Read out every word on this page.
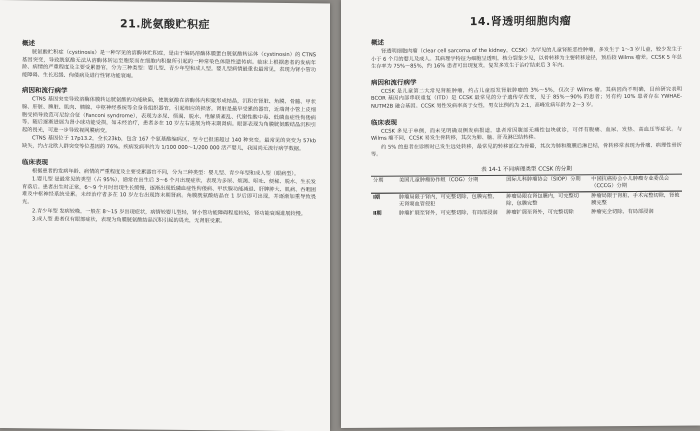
21.胱氨酸贮积症
概述

胱氨酸贮积症（cystinosis）是一种罕见的溶酶体贮积症，是由于编码溶酶体膜蛋白胱氨酸转运体（cystinosin）的 CTNS 基因突变，导致胱氨酸无法从溶酶体转运至胞浆而在细胞内积聚所引起的一种常染色体隐性遗传病。临床上根据患者的发病年龄、病情的严重程度及主要受累器官，分为三种类型：婴儿型、青少年型和成人型。婴儿型病情最重也最常见，表现为肾小管功能障碍、生长迟缓、佝偻病及进行性肾功能衰竭。

病因和流行病学

CTNS 基因突变导致溶酶体膜转运胱氨酸的功能缺陷，使胱氨酸在溶酶体内积聚形成结晶，沉积在肾脏、角膜、骨髓、甲状腺、肝脏、脾脏、肌肉、胰腺、中枢神经系统等全身各组织器官，引起相应的损害。肾脏是最早受累的器官，近端肾小管上皮细胞受损导致范可尼综合征（Fanconi syndrome），表现为多尿、烦渴、脱水、电解质紊乱、代谢性酸中毒、低磷血症性佝偻病等，随后逐渐进展为肾小球功能受损，如未经治疗，患者多在 10 岁左右进展为终末期肾病。眼部表现为角膜胱氨酸结晶沉积引起的畏光，可进一步导致视网膜病变。

CTNS 基因位于 17p13.2，全长23kb，包含 167 个氨基酸编码区，至今已报道超过 140 种突变。最常见的突变为 57kb 缺失，约占北欧人群突变等位基因的 76%。疾病发病率约为 1/100 000～1/200 000 活产婴儿，我国尚无流行病学数据。

临床表现

根据患者的发病年龄、病情的严重程度及主要受累器官不同，分为三种类型：婴儿型、青少年型和成人型（眼病型）。

1.婴儿型 是最常见的类型（占 95%），通常在出生后 3～6 个月出现症状，表现为多尿、烦渴、呕吐、便秘、脱水、生长发育落后。患者出生时正常，6～9 个月时出现生长缓慢，逐渐出现低磷血症性佝偻病、甲状腺功能减退、肝脾肿大、肌病、吞咽困难及中枢神经系统受累。未经治疗者多在 10 岁左右出现终末期肾病。角膜胱氨酸结晶在 1 岁后即可出现，并逐渐加重导致畏光。

2.青少年型 发病较晚，一般在 8～15 岁出现症状，病情较婴儿型轻，肾小管功能障碍程度较轻，肾功能衰竭进展较慢。

3.成人型 患者仅有眼部症状，表现为角膜胱氨酸结晶沉积引起的畏光，无肾脏受累。

14.肾透明细胞肉瘤
概述

肾透明细胞肉瘤（clear cell sarcoma of the kidney，CCSK）为罕见的儿童肾脏恶性肿瘤，多发生于 1～3 岁儿童，较少发生于小于 6 个月的婴儿及成人。其病理学特征为细胞呈透明，核分裂象少见，以骨转移为主要转移途径，预后较 Wilms 瘤差。CCSK 5 年总生存率为 75%～85%，约 16% 患者可出现复发，复发多发生于治疗结束后 3 年内。

病因和流行病学

CCSK 是儿童第二大常见肾脏肿瘤，约占儿童原发肾脏肿瘤的 3%～5%，仅次于 Wilms 瘤。其病因尚不明确，目前研究表明 BCOR 基因内部串联重复（ITD）是 CCSK 最常见的分子遗传学改变，见于 85%～90% 的患者；另有约 10% 患者存在 YWHAE-NUTM2B 融合基因。CCSK 男性发病率高于女性，男女比例约为 2:1，高峰发病年龄为 2～3 岁。

临床表现

CCSK 多见于单侧，而未见明确双侧发病报道。患者常因腹部无痛性包块就诊，可伴有腹痛、血尿、发热、高血压等症状。与 Wilms 瘤不同，CCSK 易发生骨转移，其次为肺、脑、肝及淋巴结转移。

约 5% 的患者在诊断时已发生远处转移，最常见的转移部位为骨骼，其次为肺和腹膜后淋巴结，骨转移常表现为骨痛、病理性骨折等。

表 14-1 不同病理类型 CCSK 的分期
分期	美国儿童肿瘤协作组（COG）分期	国际儿科肿瘤协会（SIOP）分期	中国抗癌协会小儿肿瘤专业委员会（CCCG）分期
Ⅰ期	肿瘤局限于肾内，可完整切除，包膜完整，无肾窦血管侵犯	肿瘤局限在肾包膜内，可完整切除，包膜完整	肿瘤局限于肾脏，手术完整切除，肾被膜完整
Ⅱ期	肿瘤扩展至肾外，可完整切除，有局部浸润	肿瘤扩展至肾外，可完整切除	肿瘤完全切除，有局部浸润
